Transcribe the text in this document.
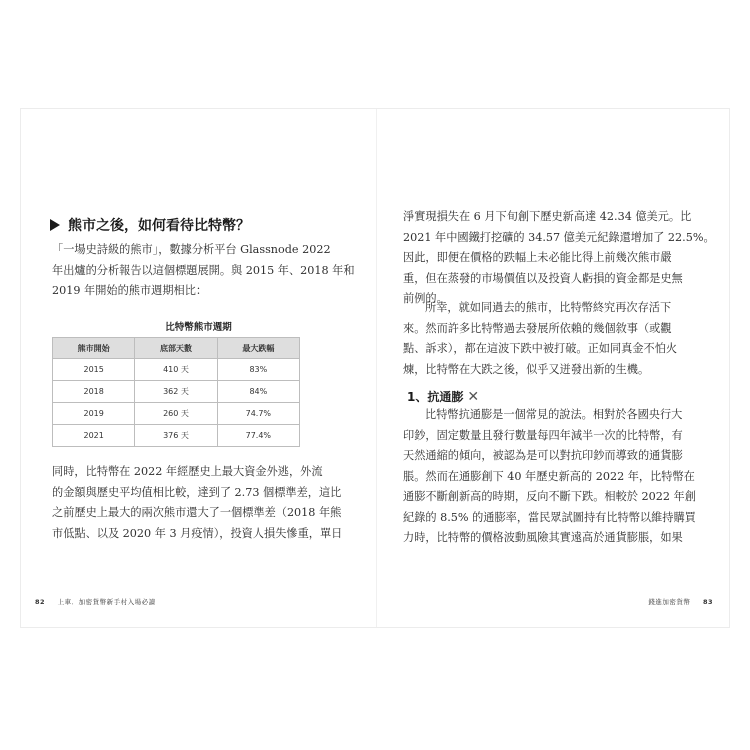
熊市之後，如何看待比特幣？

「一場史詩級的熊市」，數據分析平台 Glassnode 2022

年出爐的分析報告以這個標題展開。與 2015 年、2018 年和

2019 年開始的熊市週期相比：

比特幣熊市週期
熊市開始	底部天數	最大跌幅
2015	410 天	83%
2018	362 天	84%
2019	260 天	74.7%
2021	376 天	77.4%

同時，比特幣在 2022 年經歷史上最大資金外逃，外流

的金額與歷史平均值相比較，達到了 2.73 個標準差，這比

之前歷史上最大的兩次熊市還大了一個標準差（2018 年熊

市低點、以及 2020 年 3 月疫情），投資人損失慘重，單日

82 上車．加密貨幣新手村入場必讀

淨實現損失在 6 月下旬創下歷史新高達 42.34 億美元。比

2021 年中國鐵打挖礦的 34.57 億美元紀錄還增加了 22.5%。

因此，即便在價格的跌幅上未必能比得上前幾次熊市嚴

重，但在蒸發的市場價值以及投資人虧損的資金都是史無

前例的。

所幸，就如同過去的熊市，比特幣終究再次存活下

來。然而許多比特幣過去發展所依賴的幾個敘事（或觀

點、訴求），都在這波下跌中被打破。正如同真金不怕火

煉，比特幣在大跌之後，似乎又迸發出新的生機。

1、抗通膨 ✕

比特幣抗通膨是一個常見的說法。相對於各國央行大

印鈔，固定數量且發行數量每四年減半一次的比特幣，有

天然通縮的傾向，被認為是可以對抗印鈔而導致的通貨膨

脹。然而在通膨創下 40 年歷史新高的 2022 年，比特幣在

通膨不斷創新高的時期，反向不斷下跌。相較於 2022 年創

紀錄的 8.5% 的通膨率，當民眾試圖持有比特幣以維持購買

力時，比特幣的價格波動風險其實遠高於通貨膨脹，如果

錢進加密貨幣 83
